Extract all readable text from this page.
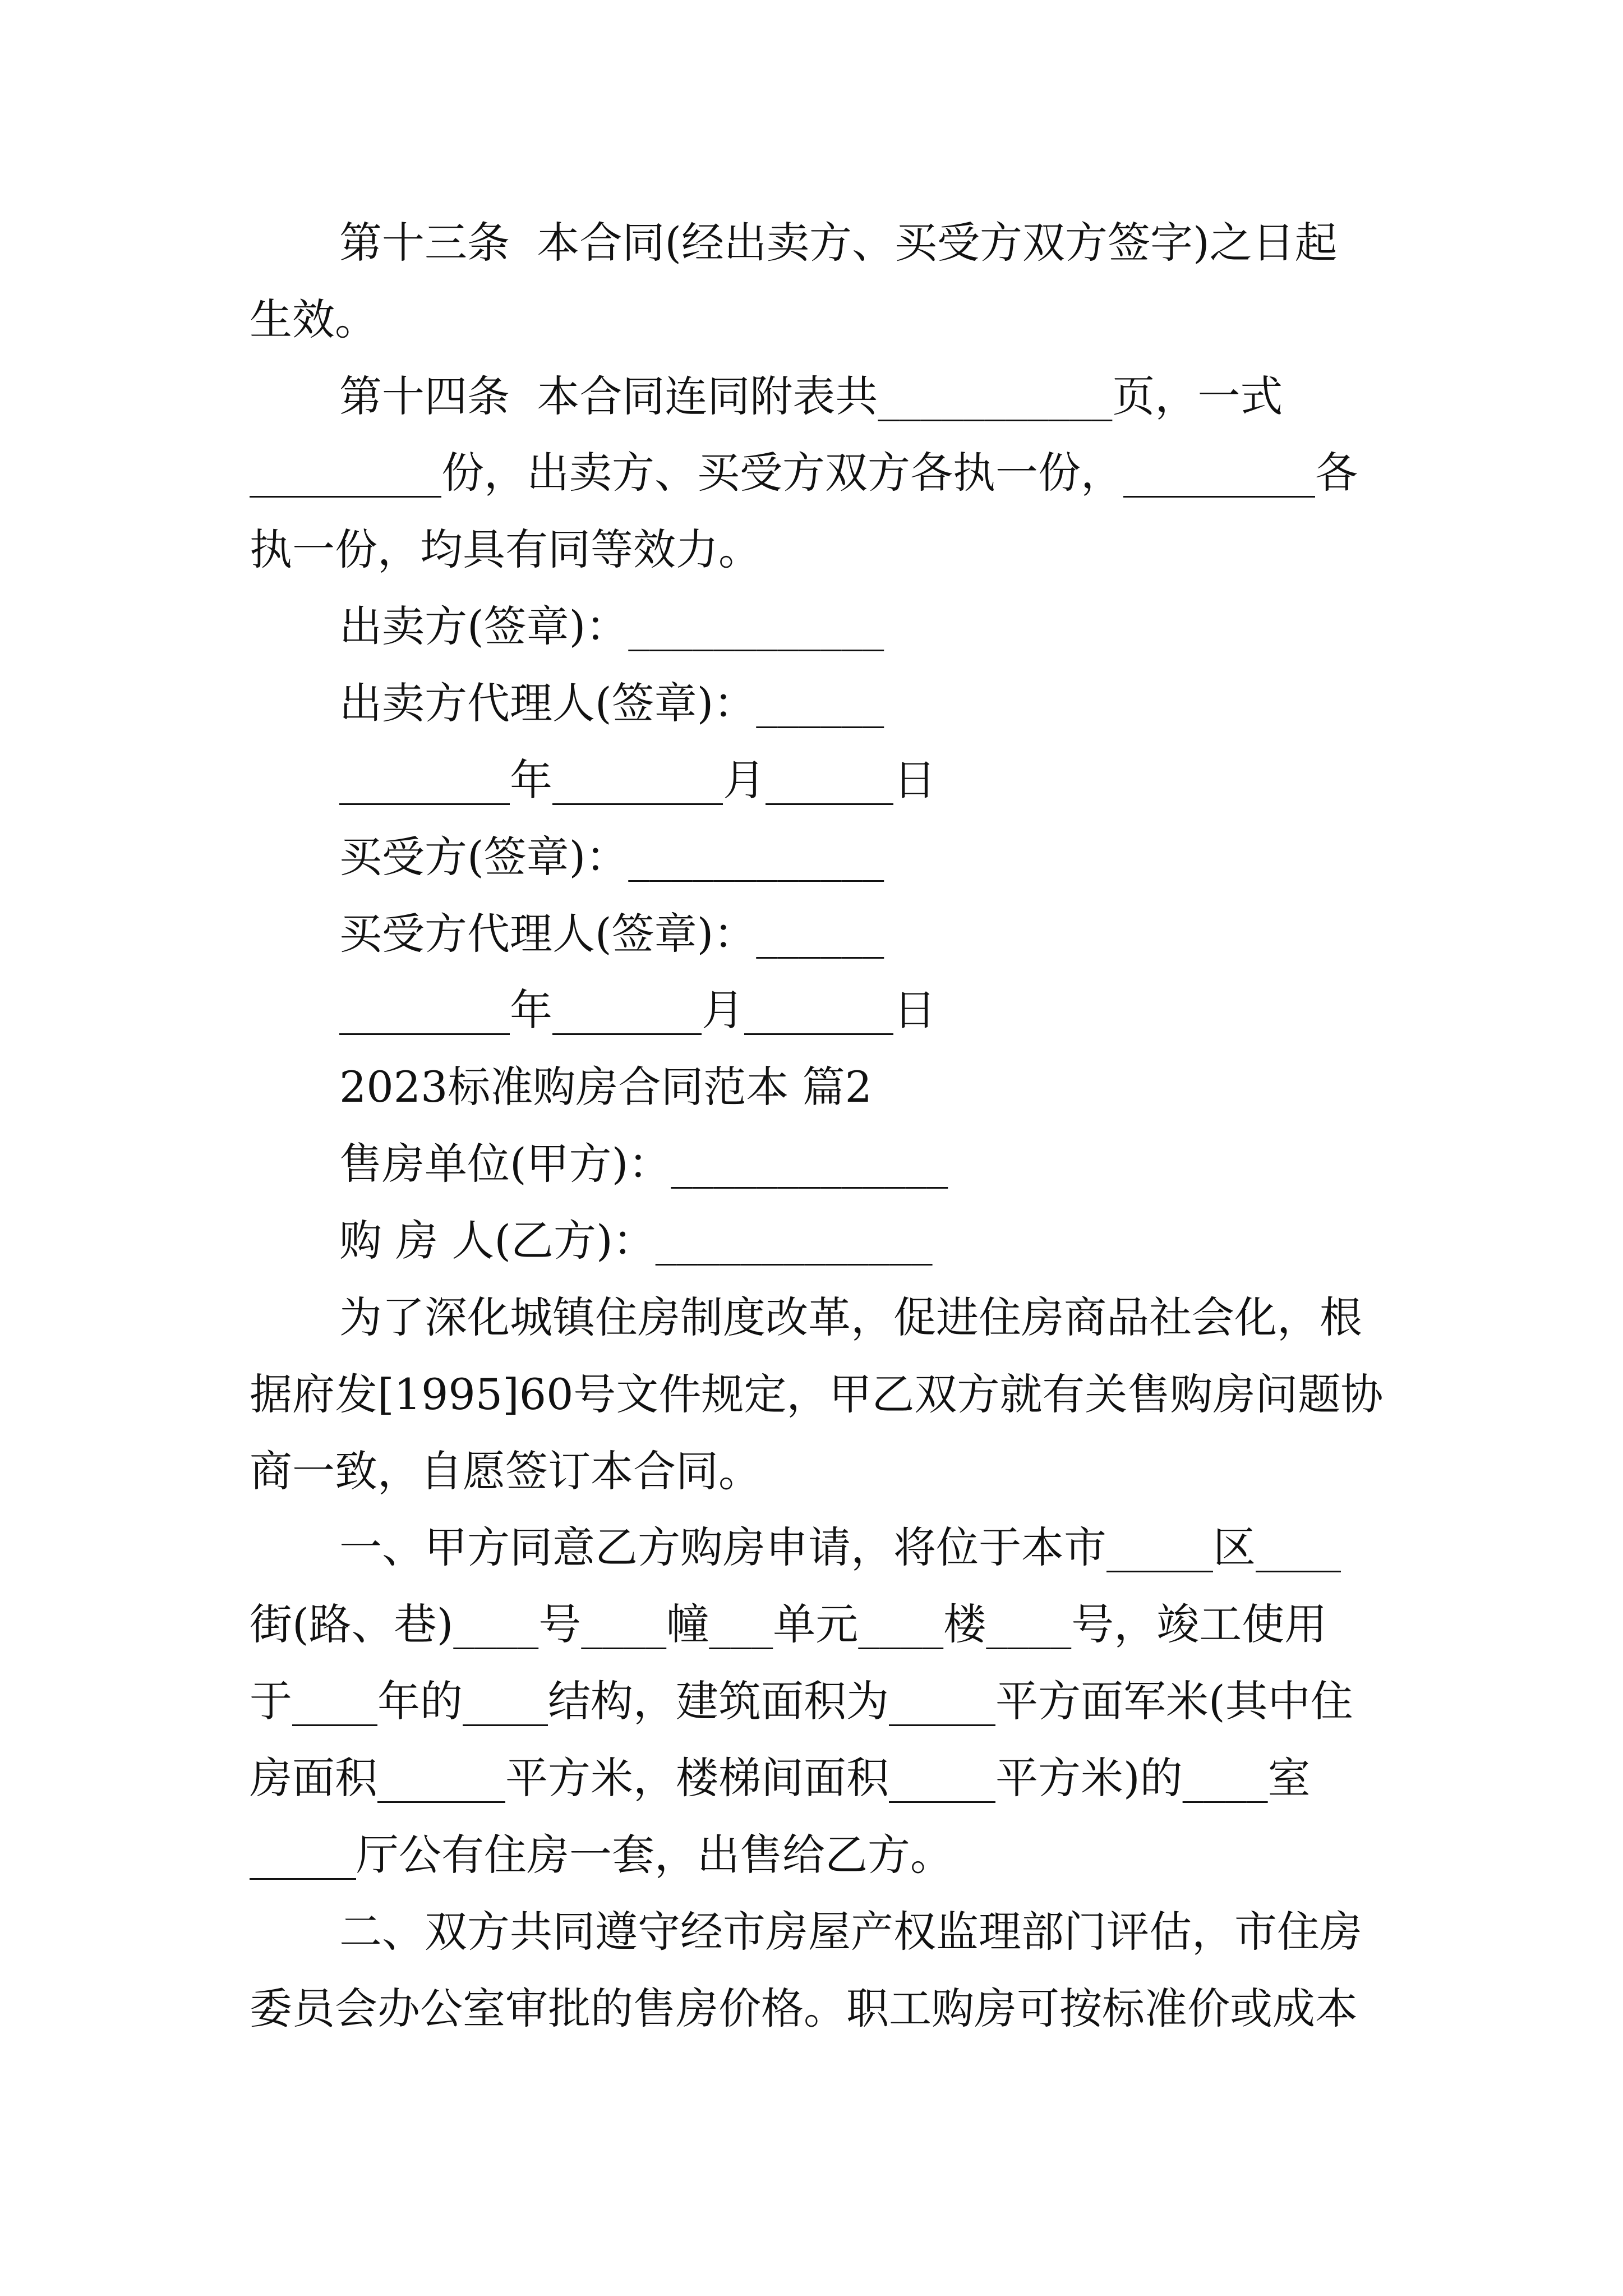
第十三条  本合同(经出卖方、买受方双方签字)之日起
生效。
第十四条  本合同连同附表共___________页，一式
_________份，出卖方、买受方双方各执一份，_________各
执一份，均具有同等效力。
出卖方(签章)：____________
出卖方代理人(签章)：______
________年________月______日
买受方(签章)：____________
买受方代理人(签章)：______
________年_______月_______日
2023标准购房合同范本 篇2
售房单位(甲方)：_____________
购 房 人(乙方)：_____________
为了深化城镇住房制度改革，促进住房商品社会化，根
据府发[1995]60号文件规定，甲乙双方就有关售购房问题协
商一致，自愿签订本合同。
一、甲方同意乙方购房申请，将位于本市_____区____
街(路、巷)____号____幢___单元____楼____号，竣工使用
于____年的____结构，建筑面积为_____平方面军米(其中住
房面积______平方米，楼梯间面积_____平方米)的____室
_____厅公有住房一套，出售给乙方。
二、双方共同遵守经市房屋产权监理部门评估，市住房
委员会办公室审批的售房价格。职工购房可按标准价或成本
